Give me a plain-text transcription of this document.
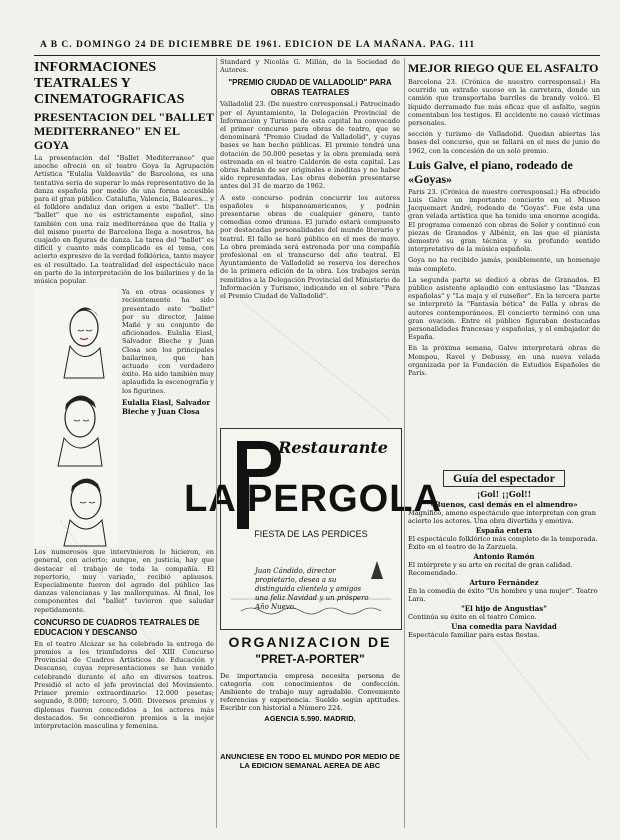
A B C. DOMINGO 24 DE DICIEMBRE DE 1961. EDICION DE LA MAÑANA. PAG. 111
INFORMACIONES TEATRALES Y CINEMATOGRAFICAS
PRESENTACION DEL "BALLET MEDITERRANEO" EN EL GOYA
La presentación del "Ballet Mediterraneo" que anoche ofreció en el teatro Goya la Agrupación Artística "Eulalia Valdeavila" de Barcelona, es una tentativa seria de superar lo más representativo de la danza española por medio de una forma accesible para el gran público. Catalufia, Valencia, Baleares... y el folklore andaluz dan origen a este "ballet". Un "ballet" que no es estrictamente español, sino también con una raíz mediterránea que de Italia y del mismo puerto de Barcelona llega a nosotros, ha cuajado en figuras de danza. La tarea del "ballet" es difícil y cuanto más complicado es el tema, con acierto expresivo de la verdad folklórica, tanto mayor es el resultado. La teatralidad del espectáculo nace en parte de la interpretación de los bailarines y de la música popular.
Ya en otras ocasiones y recientemente ha sido presentado este "ballet" por su director, Jaime Mañé y su conjunto de aficionados. Eulalia Eiasl, Salvador Bieche y Juan Closa son los principales bailarines, que han actuado con verdadero éxito. Ha sido también muy aplaudida la escenografía y los figurines.
Eulalia Eiasl, Salvador Bieche y Juan Closa
Los numerosos que intervinieron lo hicieron, en general, con acierto; aunque, en justicia, hay que destacar el trabajo de toda la compañía. El repertorio, muy variado, recibió aplausos. Especialmente fueron del agrado del público las danzas valencianas y las mallorquinas. Al final, los componentes del "ballet" tuvieron que saludar repetidamente.
CONCURSO DE CUADROS TEATRALES DE EDUCACION Y DESCANSO
En el teatro Alcázar se ha celebrado la entrega de premios a los triunfadores del XIII Concurso Provincial de Cuadros Artísticos de Educación y Descanso, cuyas representaciones se han venido celebrando durante el año en diversos teatros. Presidió el acto el jefe provincial del Movimiento. Primer premio extraordinario: 12.000 pesetas; segundo, 8.000; tercero, 5.000. Diversos premios y diplomas fueron concedidos a los actores más destacados. Se concedieron premios a la mejor interpretación masculina y femenina.
Standard y Nicolás G. Millán, de la Sociedad de Autores.
"PREMIO CIUDAD DE VALLADOLID" PARA OBRAS TEATRALES
Valladolid 23. (De nuestro corresponsal.) Patrocinado por el Ayuntamiento, la Delegación Provincial de Información y Turismo de esta capital ha convocado el primer concurso para obras de teatro, que se denominará "Premio Ciudad de Valladolid", y cuyas bases se han hecho públicas. El premio tendrá una dotación de 50.000 pesetas y la obra premiada será estrenada en el teatro Calderón de esta capital. Las obras habrán de ser originales e inéditas y no haber sido representadas. Las obras deberán presentarse antes del 31 de marzo de 1962.
A este concurso podrán concurrir los autores españoles e hispanoamericanos, y podrán presentarse obras de cualquier género, tanto comedias como dramas. El jurado estará compuesto por destacadas personalidades del mundo literario y teatral. El fallo se hará público en el mes de mayo. La obra premiada será estrenada por una compañía profesional en el transcurso del año teatral. El Ayuntamiento de Valladolid se reserva los derechos de la primera edición de la obra. Los trabajos serán remitidos a la Delegación Provincial del Ministerio de Información y Turismo, indicando en el sobre "Para el Premio Ciudad de Valladolid".
Restaurante
LA PERGOLA
FIESTA DE LAS PERDICES
Juan Cándido, director propietario, desea a su distinguida clientela y amigos una feliz Navidad y un próspero Año Nuevo.
ORGANIZACION DE
"PRET-A-PORTER"
De importancia empresa necesita persona de categoría con conocimientos de confección. Ambiente de trabajo muy agradable. Conveniente referencias y experiencia. Sueldo según aptitudes. Escribir con historial a Número 224.
AGENCIA 5.590. MADRID.
ANUNCIESE EN TODO EL MUNDO POR MEDIO DE LA EDICION SEMANAL AEREA DE ABC
MEJOR RIEGO QUE EL ASFALTO
Barcelona 23. (Crónica de nuestro corresponsal.) Ha ocurrido un extraño suceso en la carretera, donde un camión que transportaba barriles de brandy volcó. El líquido derramado fue más eficaz que el asfalto, según comentaban los testigos. El accidente no causó víctimas personales.
sección y turismo de Valladolid. Quedan abiertas las bases del concurso, que se fallará en el mes de junio de 1962, con la concesión de un solo premio.
Luis Galve, el piano, rodeado de «Goyas»
Paris 23. (Crónica de nuestro corresponsal.) Ha ofrecido Luis Galve un importante concierto en el Museo Jacquemart André, rodeado de "Goyas". Fue ésta una gran velada artística que ha tenido una enorme acogida. El programa comenzó con obras de Soler y continuó con piezas de Granados y Albéniz, en las que el pianista demostró su gran técnica y su profundo sentido interpretativo de la música española.
Goya no ha recibido jamás, posiblemente, un homenaje más completo.
La segunda parte se dedicó a obras de Granados. El público asistente aplaudió con entusiasmo las "Danzas españolas" y "La maja y el ruiseñor". En la tercera parte se interpretó la "Fantasía bética" de Falla y obras de autores contemporáneos. El concierto terminó con una gran ovación. Entre el público figuraban destacadas personalidades francesas y españolas, y el embajador de España.
En la próxima semana, Galve interpretará obras de Mompou, Ravel y Debussy, en una nueva velada organizada por la Fundación de Estudios Españoles de París.
Guía del espectador
¡Gol! ¡¡Gol!!
«Buenos, casi demás en el almendro»
Magnífico, ameno espectáculo que interpretan con gran acierto los actores. Una obra divertida y emotiva.
España entera
El espectáculo folklórico más completo de la temporada. Éxito en el teatro de la Zarzuela.
Antonio Ramón
El intérprete y su arte en recital de gran calidad. Recomendado.
Arturo Fernández
En la comedia de éxito "Un hombre y una mujer". Teatro Lara.
"El hijo de Angustias"
Continúa su éxito en el teatro Cómico.
Una comedia para Navidad
Espectáculo familiar para estas fiestas.
